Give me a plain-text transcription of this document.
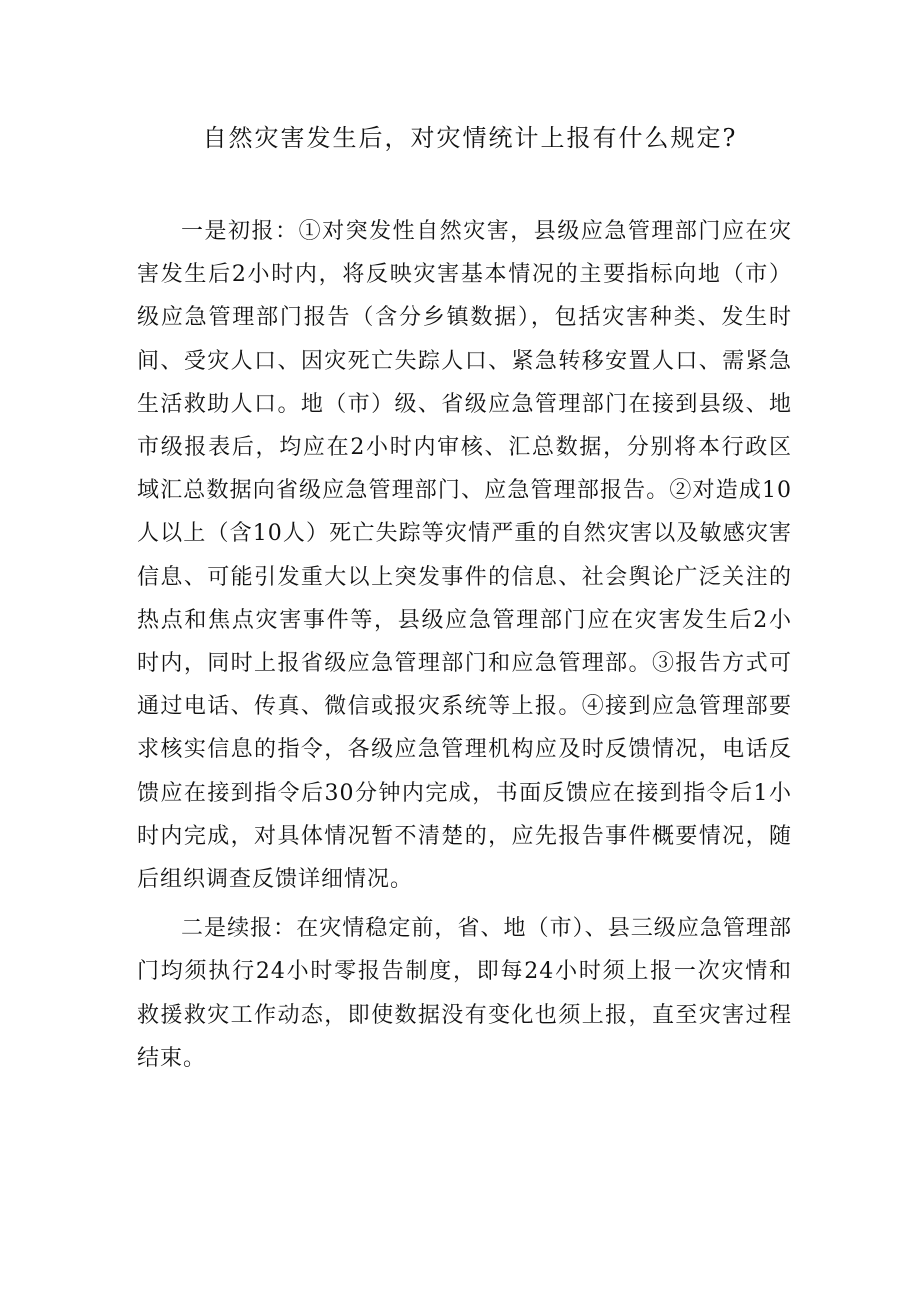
自然灾害发生后，对灾情统计上报有什么规定?

一是初报：①对突发性自然灾害，县级应急管理部门应在灾害发生后2小时内，将反映灾害基本情况的主要指标向地（市）级应急管理部门报告（含分乡镇数据），包括灾害种类、发生时间、受灾人口、因灾死亡失踪人口、紧急转移安置人口、需紧急生活救助人口。地（市）级、省级应急管理部门在接到县级、地市级报表后，均应在2小时内审核、汇总数据，分别将本行政区域汇总数据向省级应急管理部门、应急管理部报告。②对造成10人以上（含10人）死亡失踪等灾情严重的自然灾害以及敏感灾害信息、可能引发重大以上突发事件的信息、社会舆论广泛关注的热点和焦点灾害事件等，县级应急管理部门应在灾害发生后2小时内，同时上报省级应急管理部门和应急管理部。③报告方式可通过电话、传真、微信或报灾系统等上报。④接到应急管理部要求核实信息的指令，各级应急管理机构应及时反馈情况，电话反馈应在接到指令后30分钟内完成，书面反馈应在接到指令后1小时内完成，对具体情况暂不清楚的，应先报告事件概要情况，随后组织调查反馈详细情况。

二是续报：在灾情稳定前，省、地（市）、县三级应急管理部门均须执行24小时零报告制度，即每24小时须上报一次灾情和救援救灾工作动态，即使数据没有变化也须上报，直至灾害过程结束。
